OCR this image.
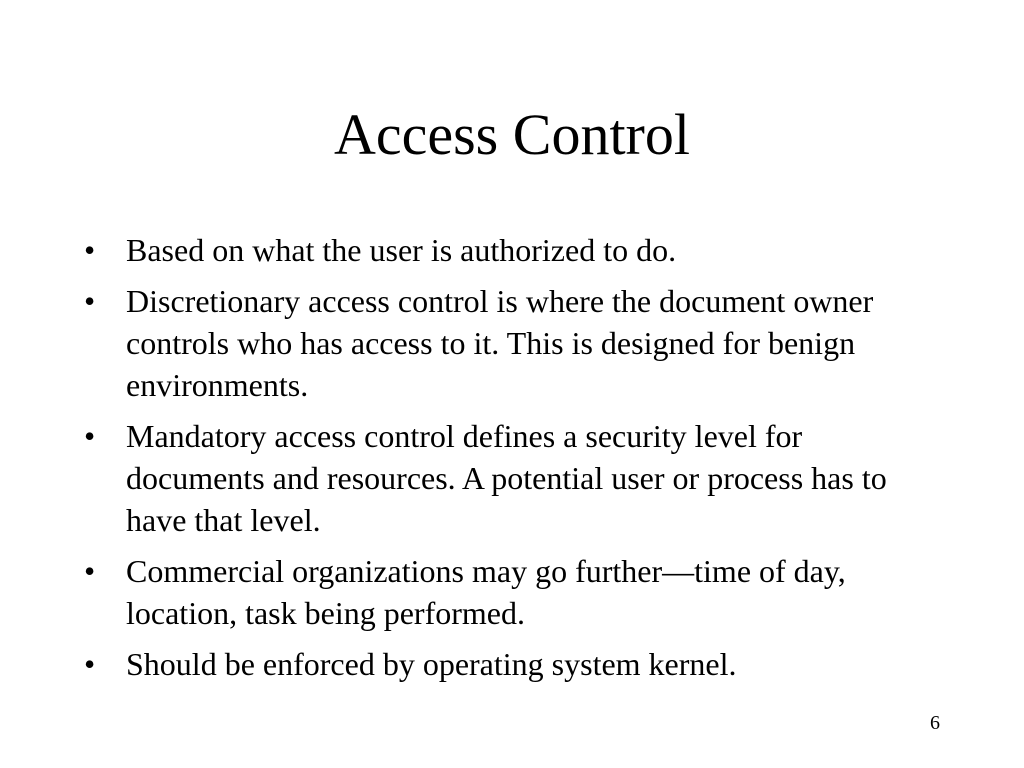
Access Control
• Based on what the user is authorized to do.
• Discretionary access control is where the document owner controls who has access to it. This is designed for benign environments.
• Mandatory access control defines a security level for documents and resources. A potential user or process has to have that level.
• Commercial organizations may go further—time of day, location, task being performed.
• Should be enforced by operating system kernel.
6
